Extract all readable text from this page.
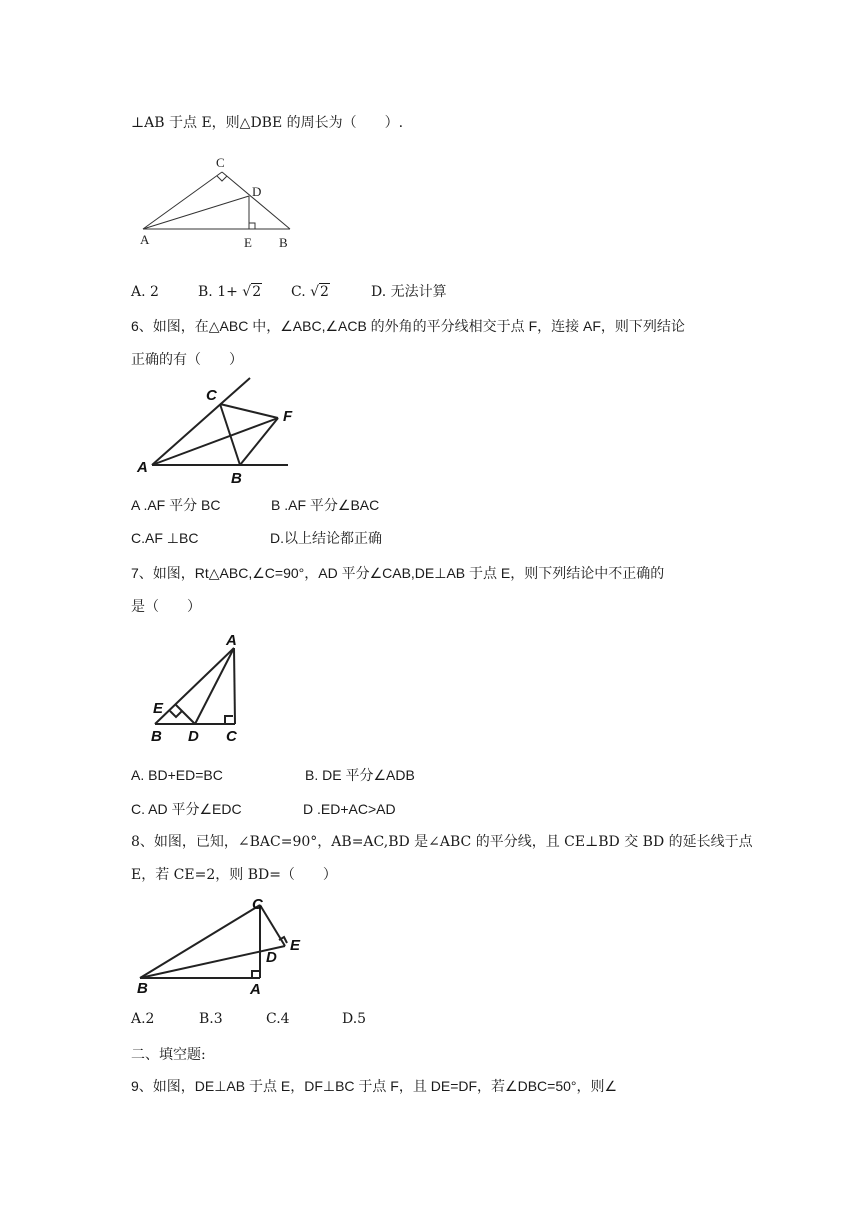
⊥AB 于点 E，则△DBE 的周长为（　　）.
C
D
A	E B
A. 2	B. 1+ √2 C. √2	D. 无法计算
6、如图，在△ABC 中，∠ABC,∠ACB 的外角的平分线相交于点 F，连接 AF，则下列结论
正确的有（　　）
C
F
A
B
A .AF 平分 BC	B .AF 平分∠BAC
C.AF ⊥BC	D.以上结论都正确
7、如图，Rt△ABC,∠C=90°，AD 平分∠CAB,DE⊥AB 于点 E，则下列结论中不正确的
是（　　）
A
E
B D C
A. BD+ED=BC	B. DE 平分∠ADB
C. AD 平分∠EDC	D .ED+AC>AD
8、如图，已知，∠BAC=90°，AB=AC,BD 是∠ABC 的平分线，且 CE⊥BD 交 BD 的延长线于点
E，若 CE=2，则 BD=（　　）
C
E
D
B	A
A.2	B.3	C.4	D.5
二、填空题:
9、如图，DE⊥AB 于点 E，DF⊥BC 于点 F，且 DE=DF，若∠DBC=50°，则∠
